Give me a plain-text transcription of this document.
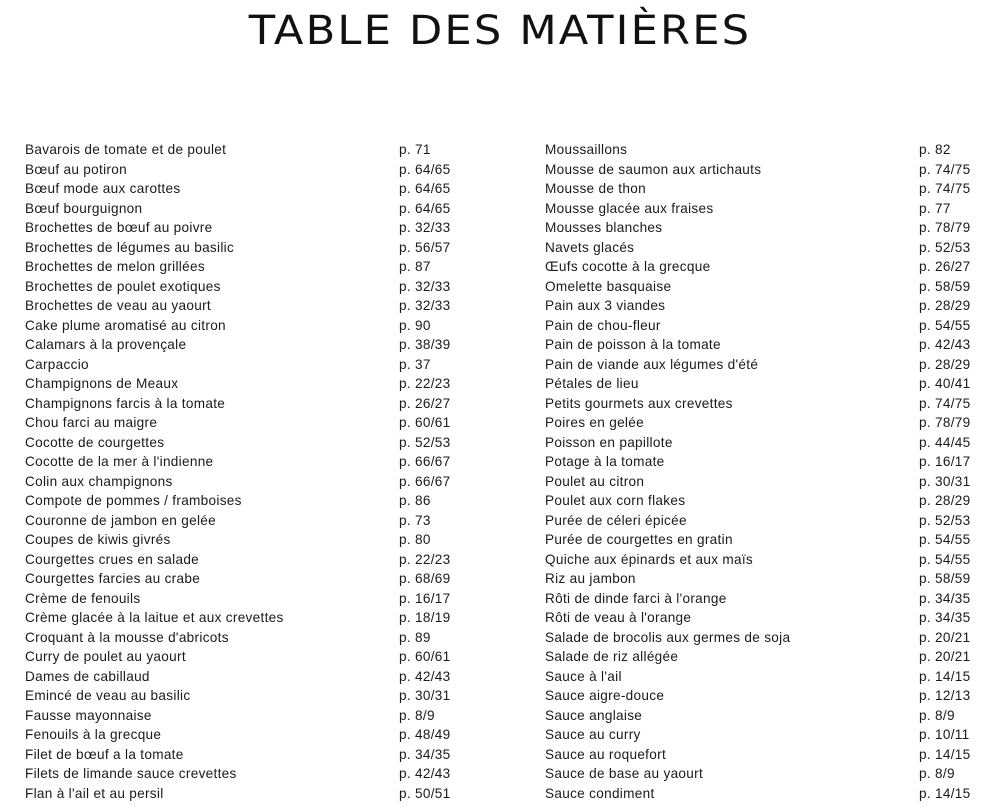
TABLE DES MATIÈRES
Bavarois de tomate et de poulet	p. 71
Bœuf au potiron	p. 64/65
Bœuf mode aux carottes	p. 64/65
Bœuf bourguignon	p. 64/65
Brochettes de bœuf au poivre	p. 32/33
Brochettes de légumes au basilic	p. 56/57
Brochettes de melon grillées	p. 87
Brochettes de poulet exotiques	p. 32/33
Brochettes de veau au yaourt	p. 32/33
Cake plume aromatisé au citron	p. 90
Calamars à la provençale	p. 38/39
Carpaccio	p. 37
Champignons de Meaux	p. 22/23
Champignons farcis à la tomate	p. 26/27
Chou farci au maigre	p. 60/61
Cocotte de courgettes	p. 52/53
Cocotte de la mer à l'indienne	p. 66/67
Colin aux champignons	p. 66/67
Compote de pommes / framboises	p. 86
Couronne de jambon en gelée	p. 73
Coupes de kiwis givrés	p. 80
Courgettes crues en salade	p. 22/23
Courgettes farcies au crabe	p. 68/69
Crème de fenouils	p. 16/17
Crème glacée à la laitue et aux crevettes	p. 18/19
Croquant à la mousse d'abricots	p. 89
Curry de poulet au yaourt	p. 60/61
Dames de cabillaud	p. 42/43
Emincé de veau au basilic	p. 30/31
Fausse mayonnaise	p. 8/9
Fenouils à la grecque	p. 48/49
Filet de bœuf a la tomate	p. 34/35
Filets de limande sauce crevettes	p. 42/43
Flan à l'ail et au persil	p. 50/51
Moussaillons	p. 82
Mousse de saumon aux artichauts	p. 74/75
Mousse de thon	p. 74/75
Mousse glacée aux fraises	p. 77
Mousses blanches	p. 78/79
Navets glacés	p. 52/53
Œufs cocotte à la grecque	p. 26/27
Omelette basquaise	p. 58/59
Pain aux 3 viandes	p. 28/29
Pain de chou-fleur	p. 54/55
Pain de poisson à la tomate	p. 42/43
Pain de viande aux légumes d'été	p. 28/29
Pétales de lieu	p. 40/41
Petits gourmets aux crevettes	p. 74/75
Poires en gelée	p. 78/79
Poisson en papillote	p. 44/45
Potage à la tomate	p. 16/17
Poulet au citron	p. 30/31
Poulet aux corn flakes	p. 28/29
Purée de céleri épicée	p. 52/53
Purée de courgettes en gratin	p. 54/55
Quiche aux épinards et aux maïs	p. 54/55
Riz au jambon	p. 58/59
Rôti de dinde farci à l'orange	p. 34/35
Rôti de veau à l'orange	p. 34/35
Salade de brocolis aux germes de soja	p. 20/21
Salade de riz allégée	p. 20/21
Sauce à l'ail	p. 14/15
Sauce aigre-douce	p. 12/13
Sauce anglaise	p. 8/9
Sauce au curry	p. 10/11
Sauce au roquefort	p. 14/15
Sauce de base au yaourt	p. 8/9
Sauce condiment	p. 14/15
